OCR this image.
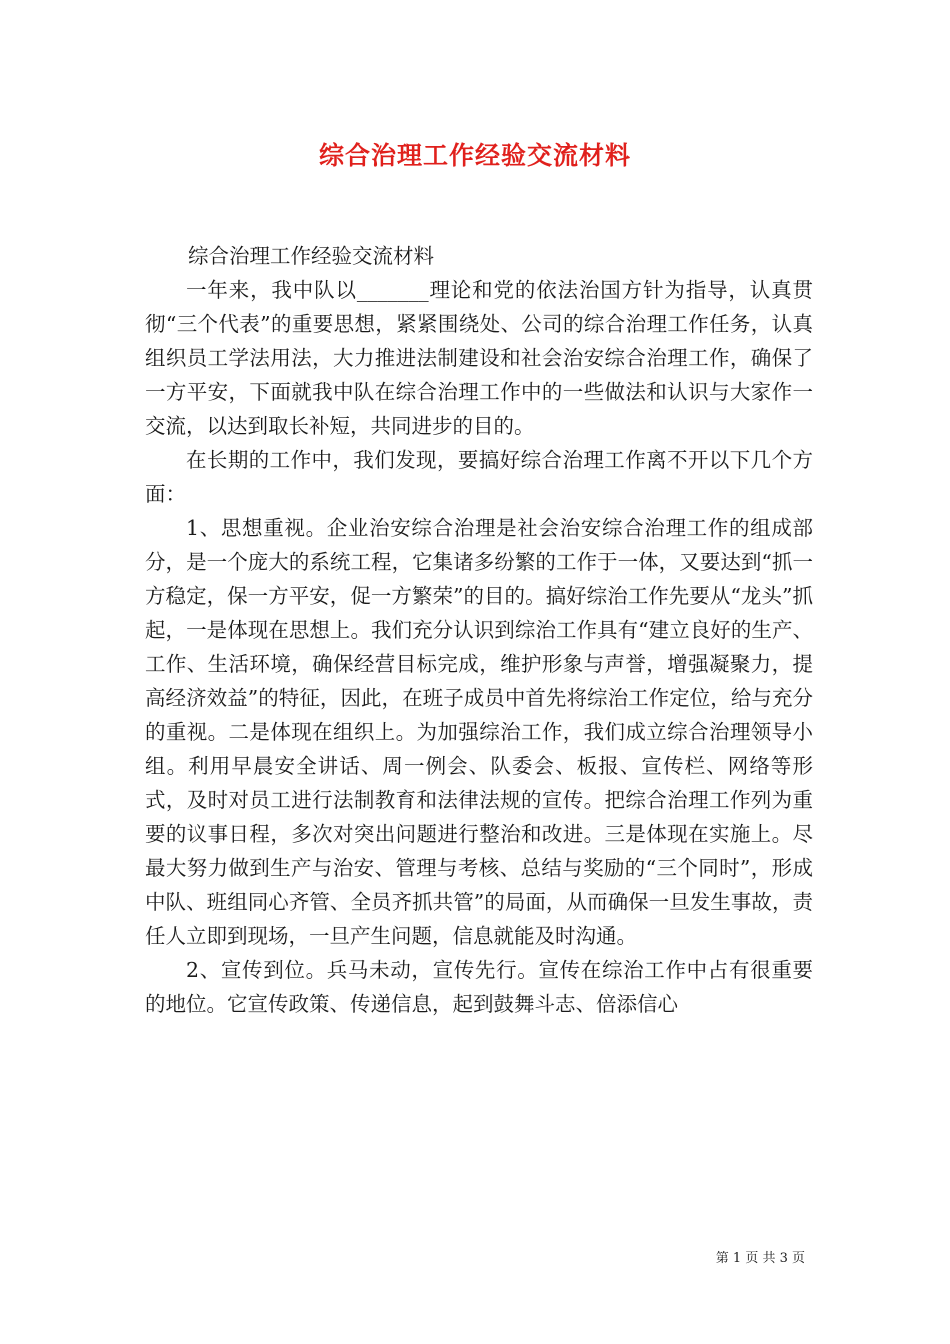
综合治理工作经验交流材料

综合治理工作经验交流材料

一年来，我中队以_______理论和党的依法治国方针为指导，认真贯彻“三个代表”的重要思想，紧紧围绕处、公司的综合治理工作任务，认真组织员工学法用法，大力推进法制建设和社会治安综合治理工作，确保了一方平安，下面就我中队在综合治理工作中的一些做法和认识与大家作一交流，以达到取长补短，共同进步的目的。

在长期的工作中，我们发现，要搞好综合治理工作离不开以下几个方面：

1、思想重视。企业治安综合治理是社会治安综合治理工作的组成部分，是一个庞大的系统工程，它集诸多纷繁的工作于一体，又要达到“抓一方稳定，保一方平安，促一方繁荣”的目的。搞好综治工作先要从“龙头”抓起，一是体现在思想上。我们充分认识到综治工作具有“建立良好的生产、工作、生活环境，确保经营目标完成，维护形象与声誉，增强凝聚力，提高经济效益”的特征，因此，在班子成员中首先将综治工作定位，给与充分的重视。二是体现在组织上。为加强综治工作，我们成立综合治理领导小组。利用早晨安全讲话、周一例会、队委会、板报、宣传栏、网络等形式，及时对员工进行法制教育和法律法规的宣传。把综合治理工作列为重要的议事日程，多次对突出问题进行整治和改进。三是体现在实施上。尽最大努力做到生产与治安、管理与考核、总结与奖励的“三个同时”，形成中队、班组同心齐管、全员齐抓共管”的局面，从而确保一旦发生事故，责任人立即到现场，一旦产生问题，信息就能及时沟通。

2、宣传到位。兵马未动，宣传先行。宣传在综治工作中占有很重要的地位。它宣传政策、传递信息，起到鼓舞斗志、倍添信心

第 1 页 共 3 页
